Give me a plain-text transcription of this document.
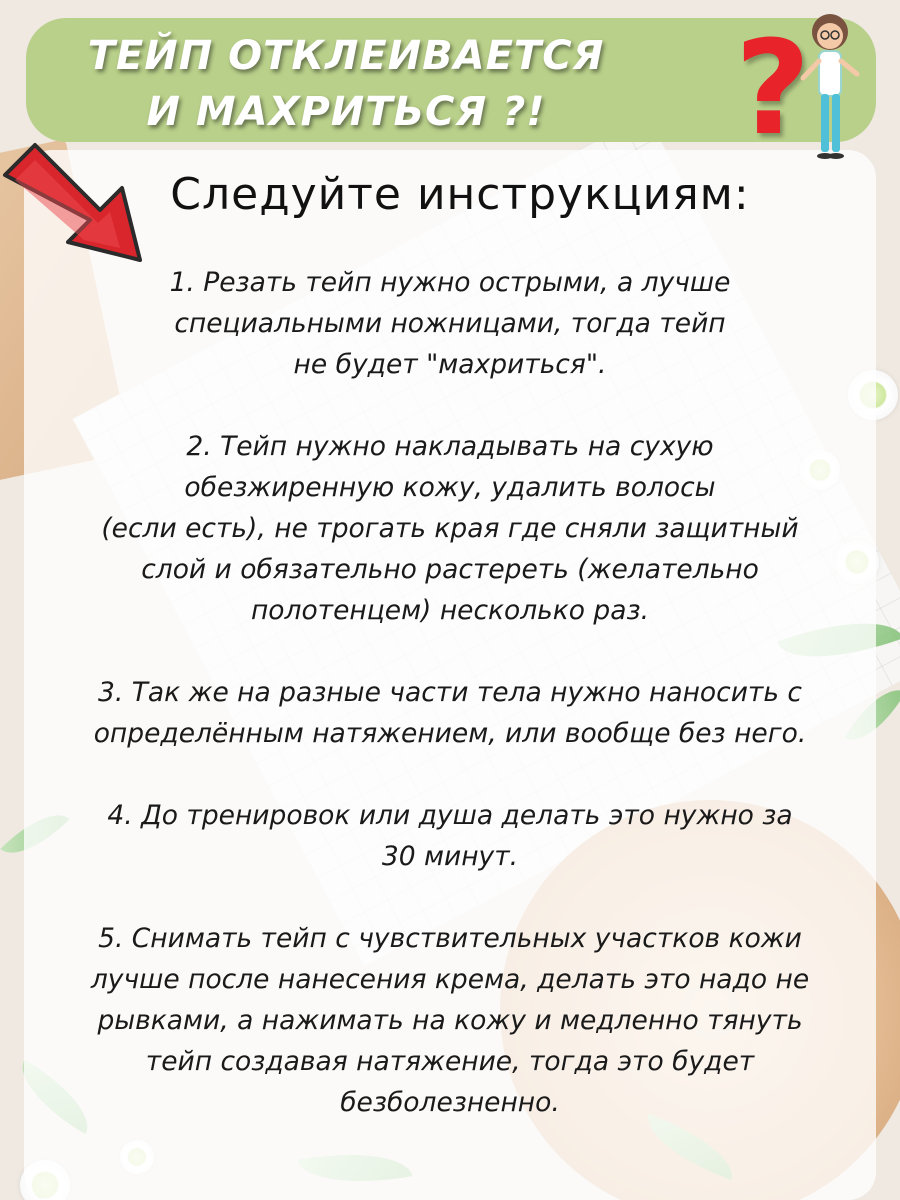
ТЕЙП ОТКЛЕИВАЕТСЯ
И МАХРИТЬСЯ ?!	?
Следуйте инструкциям:

1. Резать тейп нужно острыми, а лучше
специальными ножницами, тогда тейп
не будет "махриться".

2. Тейп нужно накладывать на сухую
обезжиренную кожу, удалить волосы
(если есть), не трогать края где сняли защитный
слой и обязательно растереть (желательно
полотенцем) несколько раз.

3. Так же на разные части тела нужно наносить с
определённым натяжением, или вообще без него.

4. До тренировок или душа делать это нужно за
30 минут.

5. Снимать тейп с чувствительных участков кожи
лучше после нанесения крема, делать это надо не
рывками, а нажимать на кожу и медленно тянуть
тейп создавая натяжение, тогда это будет
безболезненно.
